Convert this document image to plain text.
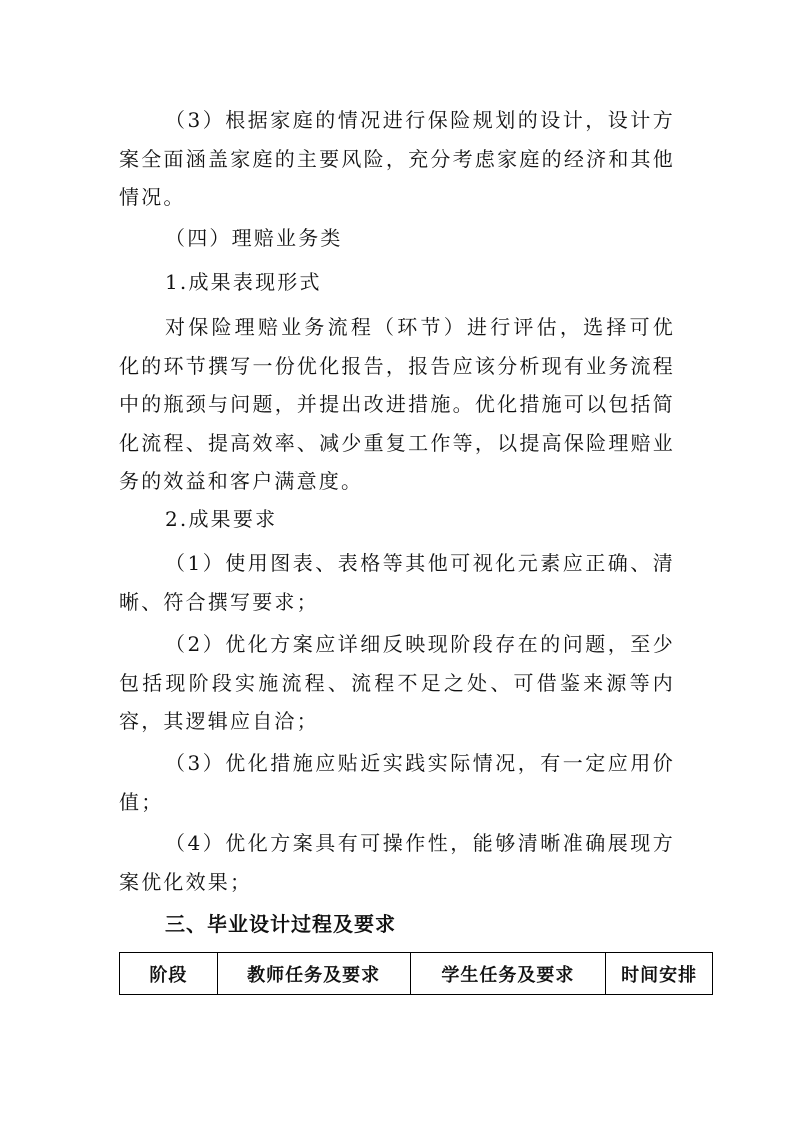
（3）根据家庭的情况进行保险规划的设计，设计方案全面涵盖家庭的主要风险，充分考虑家庭的经济和其他情况。

（四）理赔业务类

1.成果表现形式

对保险理赔业务流程（环节）进行评估，选择可优化的环节撰写一份优化报告，报告应该分析现有业务流程中的瓶颈与问题，并提出改进措施。优化措施可以包括简化流程、提高效率、减少重复工作等，以提高保险理赔业务的效益和客户满意度。

2.成果要求

（1）使用图表、表格等其他可视化元素应正确、清晰、符合撰写要求；

（2）优化方案应详细反映现阶段存在的问题，至少包括现阶段实施流程、流程不足之处、可借鉴来源等内容，其逻辑应自洽；

（3）优化措施应贴近实践实际情况，有一定应用价值；

（4）优化方案具有可操作性，能够清晰准确展现方案优化效果；

三、毕业设计过程及要求

阶段	教师任务及要求	学生任务及要求	时间安排
